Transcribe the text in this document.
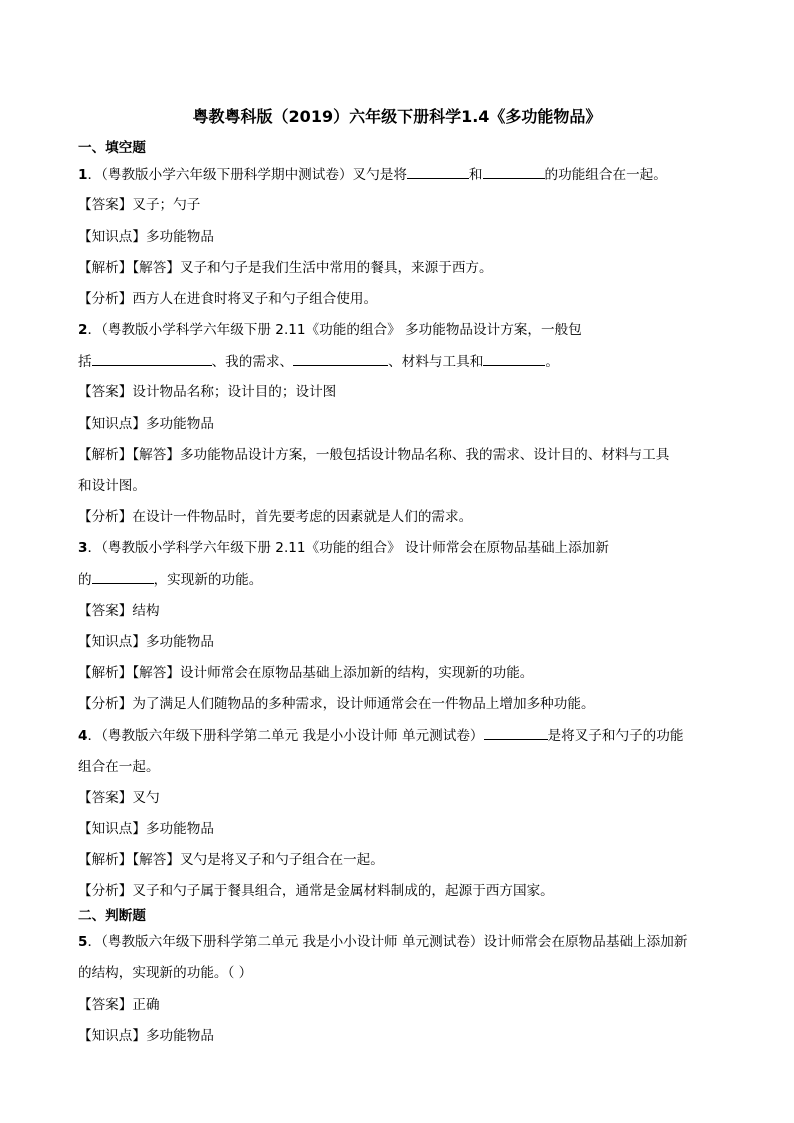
粤教粤科版（2019）六年级下册科学1.4《多功能物品》
一、填空题
1．（粤教版小学六年级下册科学期中测试卷）叉勺是将	和	的功能组合在一起。
【答案】叉子；勺子
【知识点】多功能物品
【解析】【解答】叉子和勺子是我们生活中常用的餐具，来源于西方。
【分析】西方人在进食时将叉子和勺子组合使用。
2．（粤教版小学科学六年级下册 2.11《功能的组合》 多功能物品设计方案，一般包
括	、我的需求、	、材料与工具和	。
【答案】设计物品名称；设计目的；设计图
【知识点】多功能物品
【解析】【解答】多功能物品设计方案，一般包括设计物品名称、我的需求、设计目的、材料与工具
和设计图。
【分析】在设计一件物品时，首先要考虑的因素就是人们的需求。
3．（粤教版小学科学六年级下册 2.11《功能的组合》 设计师常会在原物品基础上添加新
的	，实现新的功能。
【答案】结构
【知识点】多功能物品
【解析】【解答】设计师常会在原物品基础上添加新的结构，实现新的功能。
【分析】为了满足人们随物品的多种需求，设计师通常会在一件物品上增加多种功能。
4．（粤教版六年级下册科学第二单元 我是小小设计师 单元测试卷）	是将叉子和勺子的功能
组合在一起。
【答案】叉勺
【知识点】多功能物品
【解析】【解答】叉勺是将叉子和勺子组合在一起。
【分析】叉子和勺子属于餐具组合，通常是金属材料制成的，起源于西方国家。
二、判断题
5．（粤教版六年级下册科学第二单元 我是小小设计师 单元测试卷）设计师常会在原物品基础上添加新
的结构，实现新的功能。（ ）
【答案】正确
【知识点】多功能物品
